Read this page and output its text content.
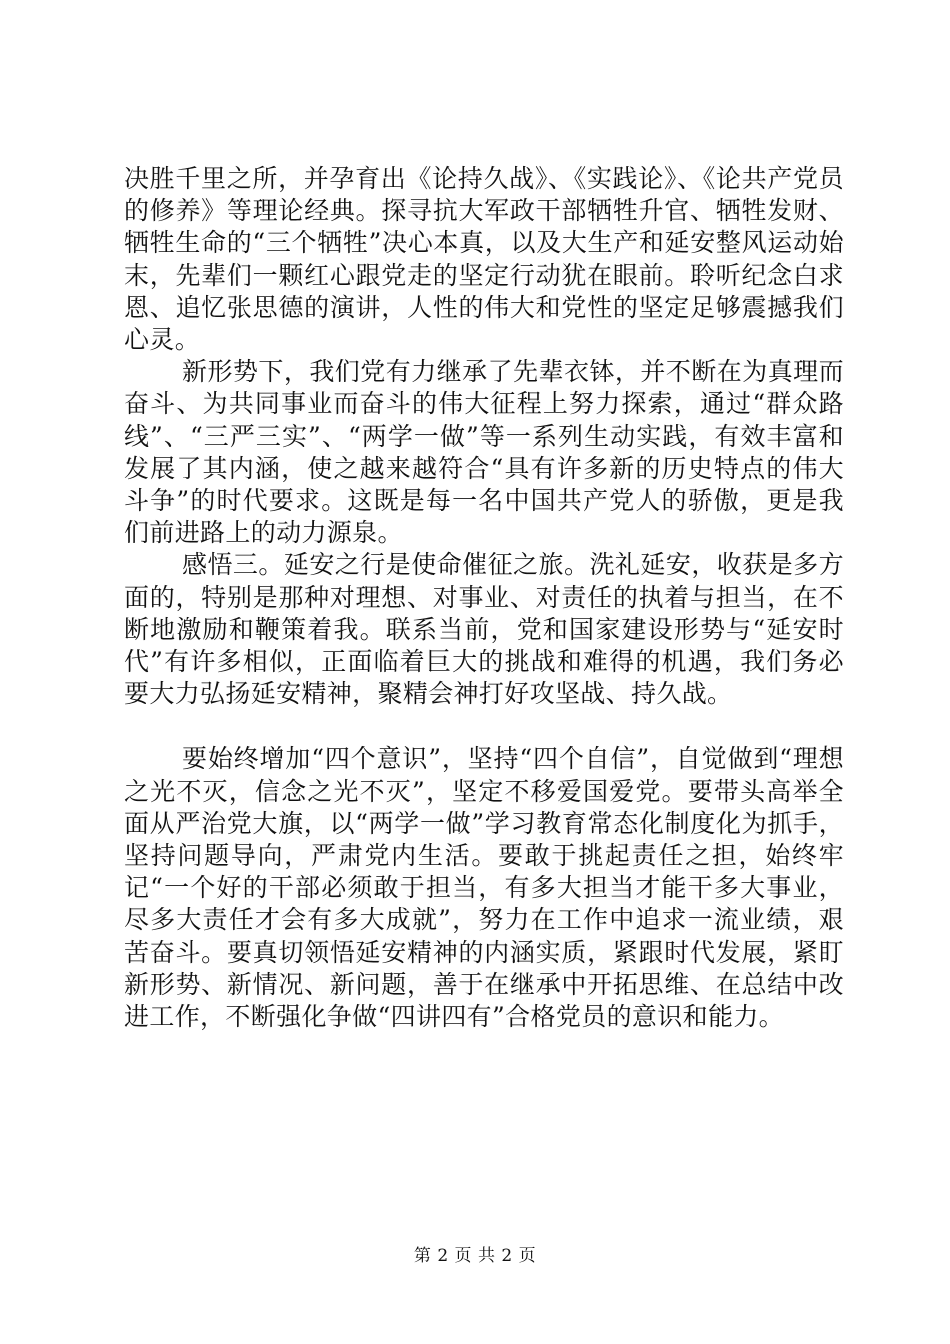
决胜千里之所，并孕育出《论持久战》、《实践论》、《论共产党员的修养》等理论经典。探寻抗大军政干部牺牲升官、牺牲发财、牺牲生命的“三个牺牲”决心本真，以及大生产和延安整风运动始末，先辈们一颗红心跟党走的坚定行动犹在眼前。聆听纪念白求恩、追忆张思德的演讲，人性的伟大和党性的坚定足够震撼我们心灵。

新形势下，我们党有力继承了先辈衣钵，并不断在为真理而奋斗、为共同事业而奋斗的伟大征程上努力探索，通过“群众路线”、“三严三实”、“两学一做”等一系列生动实践，有效丰富和发展了其内涵，使之越来越符合“具有许多新的历史特点的伟大斗争”的时代要求。这既是每一名中国共产党人的骄傲，更是我们前进路上的动力源泉。

感悟三。延安之行是使命催征之旅。洗礼延安，收获是多方面的，特别是那种对理想、对事业、对责任的执着与担当，在不断地激励和鞭策着我。联系当前，党和国家建设形势与“延安时代”有许多相似，正面临着巨大的挑战和难得的机遇，我们务必要大力弘扬延安精神，聚精会神打好攻坚战、持久战。

要始终增加“四个意识”，坚持“四个自信”，自觉做到“理想之光不灭，信念之光不灭”，坚定不移爱国爱党。要带头高举全面从严治党大旗，以“两学一做”学习教育常态化制度化为抓手，坚持问题导向，严肃党内生活。要敢于挑起责任之担，始终牢记“一个好的干部必须敢于担当，有多大担当才能干多大事业，尽多大责任才会有多大成就”，努力在工作中追求一流业绩，艰苦奋斗。要真切领悟延安精神的内涵实质，紧跟时代发展，紧盯新形势、新情况、新问题，善于在继承中开拓思维、在总结中改进工作，不断强化争做“四讲四有”合格党员的意识和能力。

第 2 页 共 2 页
